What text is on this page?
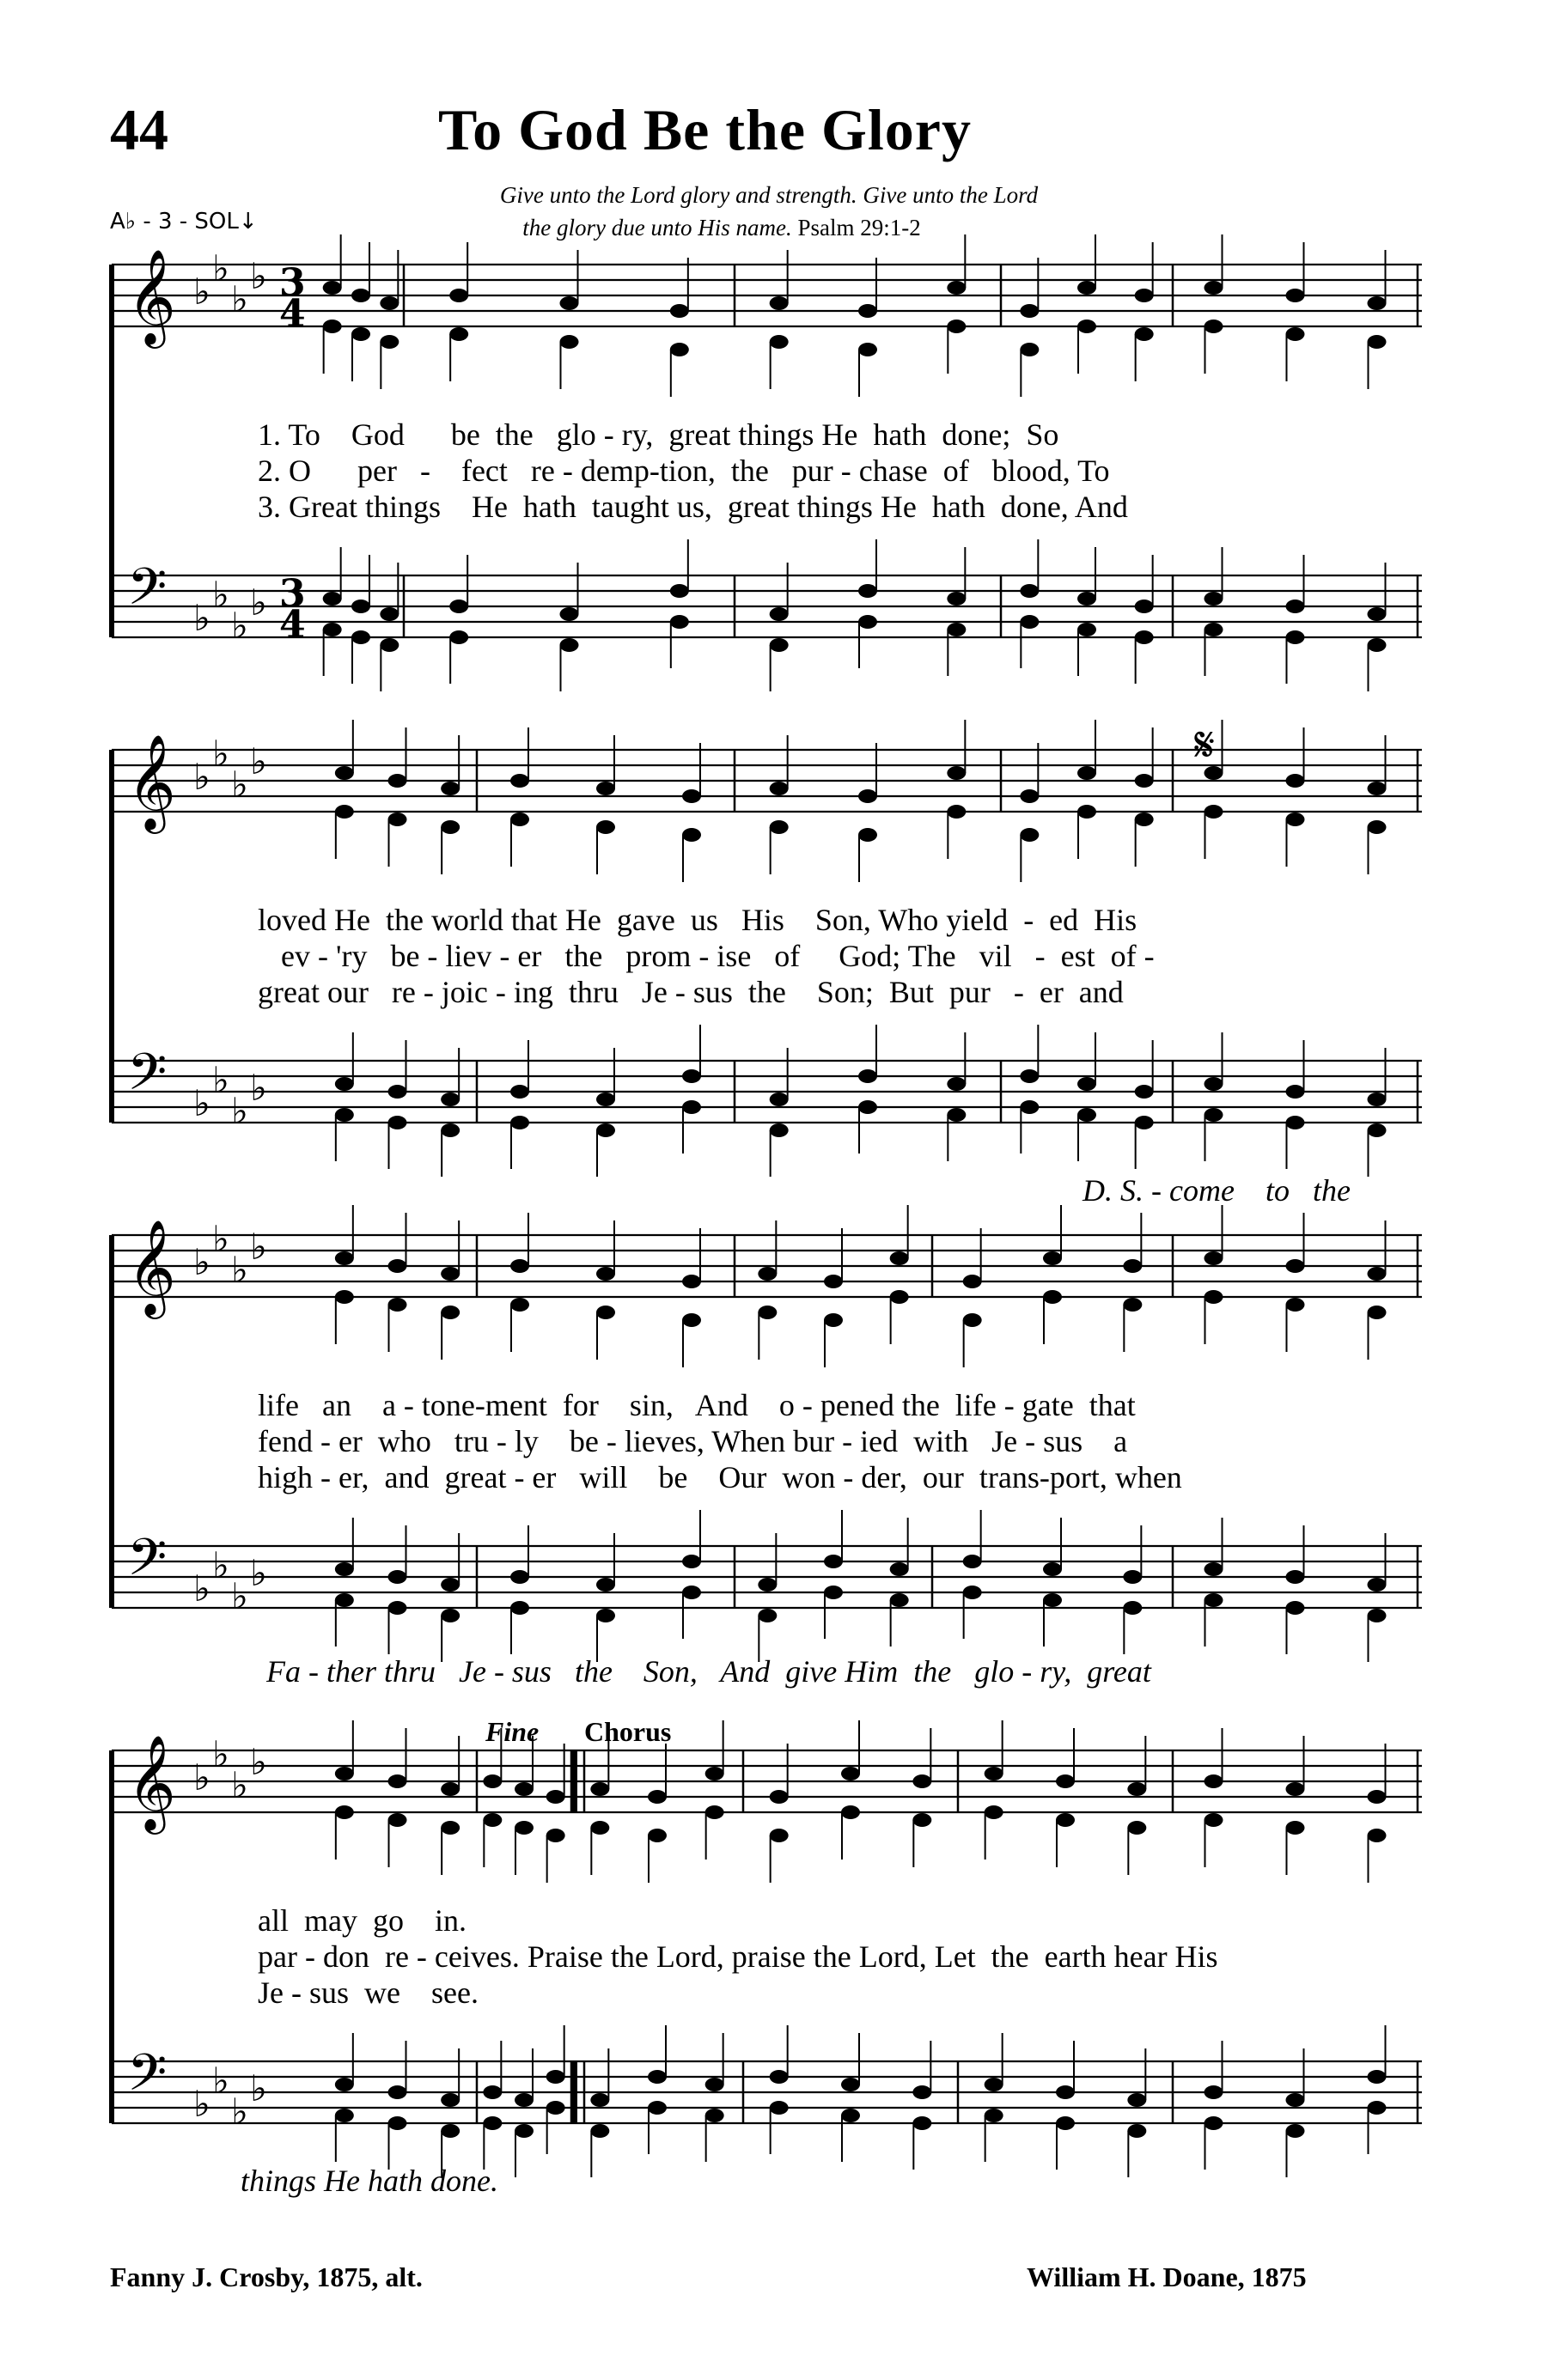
44	To God Be the Glory
A♭ - 3 - SOL↓
Give unto the Lord glory and strength. Give unto the Lord
the glory due unto His name. Psalm 29:1-2
𝄞 ♭
♭
♭
♭ 3
4
𝄢 ♭
♭
♭
♭ 3
4
𝄞 ♭
♭
♭
♭
𝄢 ♭
♭
♭
♭
𝄞 ♭
♭
♭
♭
𝄢 ♭
♭
♭
♭
𝄞 ♭
♭
♭
♭
𝄢 ♭
♭
♭
♭
1. To    God      be  the   glo - ry,  great things He  hath  done;  So
2. O      per   -    fect   re - demp-tion,  the   pur - chase  of   blood, To
3. Great things    He  hath  taught us,  great things He  hath  done, And
loved He  the world that He  gave  us   His    Son, Who yield  -  ed  His
ev - 'ry   be - liev - er   the   prom - ise   of     God; The   vil   -  est  of -
great our   re - joic - ing  thru   Je - sus  the    Son;  But  pur   -  er  and
D. S. - come    to   the
life   an    a - tone-ment  for    sin,   And    o - pened the  life - gate  that
fend - er  who   tru - ly    be - lieves, When bur - ied  with   Je - sus    a
high - er,  and  great - er   will    be    Our  won - der,  our  trans-port, when
Fa - ther thru   Je - sus   the    Son,   And  give Him  the   glo - ry,  great
Fine Chorus
all  may  go    in.
par - don  re - ceives. Praise the Lord, praise the Lord, Let  the  earth hear His
Je - sus  we    see.
things He hath done.
𝄋
Fanny J. Crosby, 1875, alt.	William H. Doane, 1875
